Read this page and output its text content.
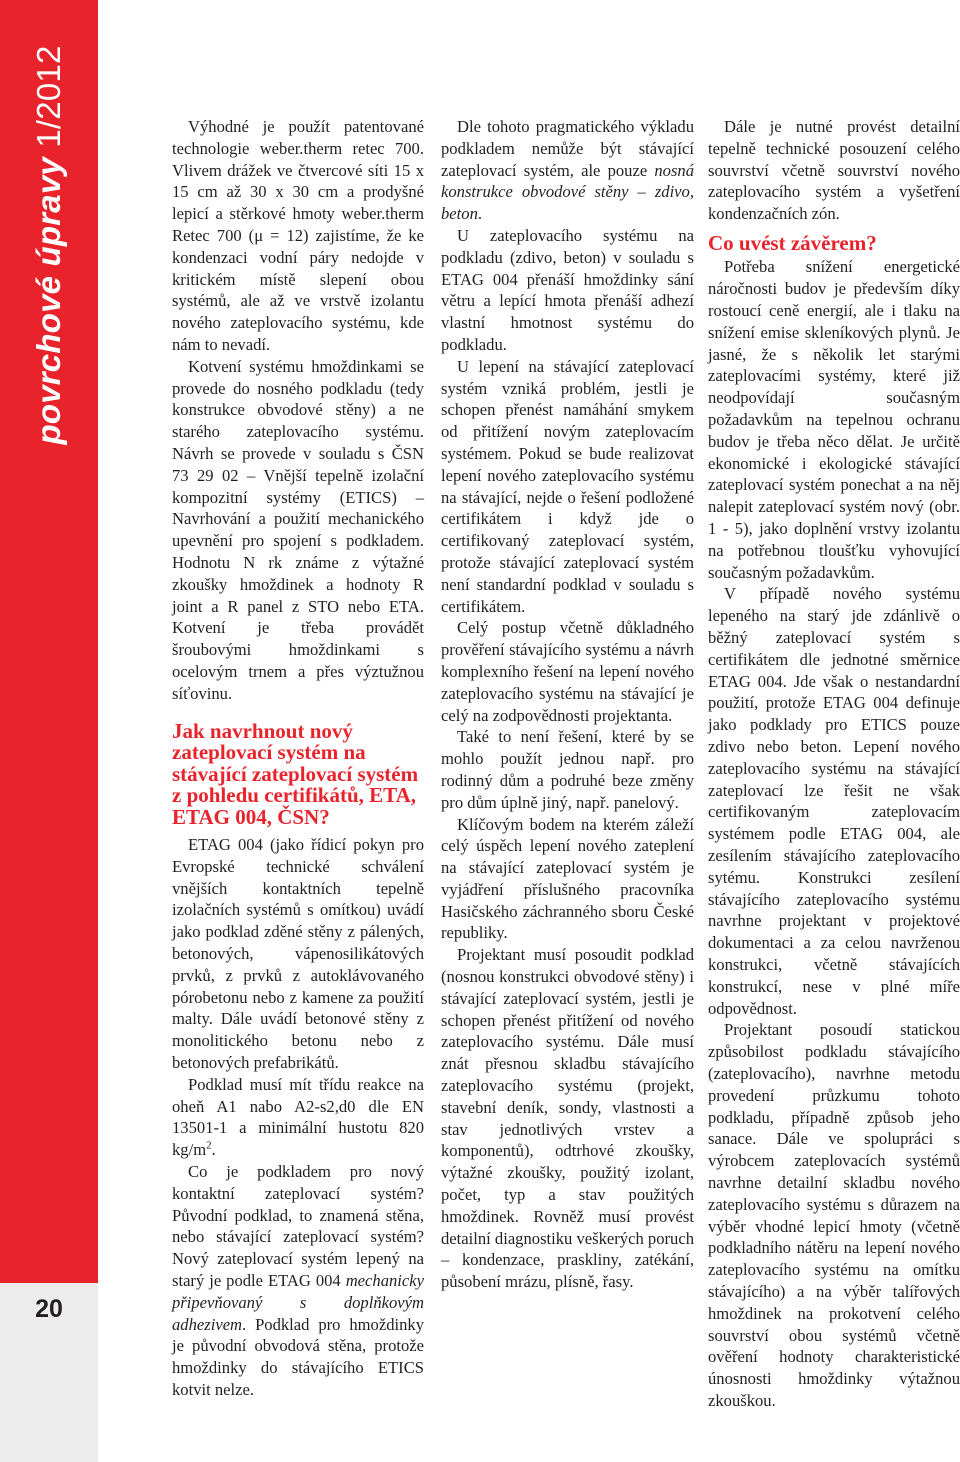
povrchové úpravy 1/2012
20

Výhodné je použít patentované technologie weber.therm retec 700. Vlivem drážek ve čtvercové síti 15 x 15 cm až 30 x 30 cm a prodyšné lepicí a stěrkové hmoty weber.therm Retec 700 (μ = 12) zajistíme, že ke kondenzaci vodní páry nedojde v kritickém místě slepení obou systémů, ale až ve vrstvě izolantu nového zateplovacího systému, kde nám to nevadí.

Kotvení systému hmoždinkami se provede do nosného podkladu (tedy konstrukce obvodové stěny) a ne starého zateplovacího systému. Návrh se provede v souladu s ČSN 73 29 02 – Vnější tepelně izolační kompozitní systémy (ETICS) – Navrhování a použití mechanického upevnění pro spojení s podkladem. Hodnotu N rk známe z výtažné zkoušky hmoždinek a hodnoty R joint a R panel z STO nebo ETA. Kotvení je třeba provádět šroubovými hmoždinkami s ocelovým trnem a přes výztužnou síťovinu.

Jak navrhnout nový zateplovací systém na stávající zateplovací systém z pohledu certifikátů, ETA, ETAG 004, ČSN?

ETAG 004 (jako řídicí pokyn pro Evropské technické schválení vnějších kontaktních tepelně izolačních systémů s omítkou) uvádí jako podklad zděné stěny z pálených, betonových, vápenosilikátových prvků, z prvků z autoklávovaného pórobetonu nebo z kamene za použití malty. Dále uvádí betonové stěny z monolitického betonu nebo z betonových prefabrikátů.

Podklad musí mít třídu reakce na oheň A1 nabo A2-s2,d0 dle EN 13501-1 a minimální hustotu 820 $kg/m^2$.

Co je podkladem pro nový kontaktní zateplovací systém? Původní podklad, to znamená stěna, nebo stávající zateplovací systém? Nový zateplovací systém lepený na starý je podle ETAG 004 mechanicky připevňovaný s doplňkovým adhezivem. Podklad pro hmoždinky je původní obvodová stěna, protože hmoždinky do stávajícího ETICS kotvit nelze.

Dle tohoto pragmatického výkladu podkladem nemůže být stávající zateplovací systém, ale pouze nosná konstrukce obvodové stěny – zdivo, beton.

U zateplovacího systému na podkladu (zdivo, beton) v souladu s ETAG 004 přenáší hmoždinky sání větru a lepící hmota přenáší adhezí vlastní hmotnost systému do podkladu.

U lepení na stávající zateplovací systém vzniká problém, jestli je schopen přenést namáhání smykem od přitížení novým zateplovacím systémem. Pokud se bude realizovat lepení nového zateplovacího systému na stávající, nejde o řešení podložené certifikátem i když jde o certifikovaný zateplovací systém, protože stávající zateplovací systém není standardní podklad v souladu s certifikátem.

Celý postup včetně důkladného prověření stávajícího systému a návrh komplexního řešení na lepení nového zateplovacího systému na stávající je celý na zodpovědnosti projektanta.

Také to není řešení, které by se mohlo použít jednou např. pro rodinný dům a podruhé beze změny pro dům úplně jiný, např. panelový.

Klíčovým bodem na kterém záleží celý úspěch lepení nového zateplení na stávající zateplovací systém je vyjádření příslušného pracovníka Hasičského záchranného sboru České republiky.

Projektant musí posoudit podklad (nosnou konstrukci obvodové stěny) i stávající zateplovací systém, jestli je schopen přenést přitížení od nového zateplovacího systému. Dále musí znát přesnou skladbu stávajícího zateplovacího systému (projekt, stavební deník, sondy, vlastnosti a stav jednotlivých vrstev a komponentů), odtrhové zkoušky, výtažné zkoušky, použitý izolant, počet, typ a stav použitých hmoždinek. Rovněž musí provést detailní diagnostiku veškerých poruch – kondenzace, praskliny, zatékání, působení mrázu, plísně, řasy.

Dále je nutné provést detailní tepelně technické posouzení celého souvrství včetně souvrství nového zateplovacího systém a vyšetření kondenzačních zón.

Co uvést závěrem?

Potřeba snížení energetické náročnosti budov je především díky rostoucí ceně energií, ale i tlaku na snížení emise skleníkových plynů. Je jasné, že s několik let starými zateplovacími systémy, které již neodpovídají současným požadavkům na tepelnou ochranu budov je třeba něco dělat. Je určitě ekonomické i ekologické stávající zateplovací systém ponechat a na něj nalepit zateplovací systém nový (obr. 1 - 5), jako doplnění vrstvy izolantu na potřebnou tloušťku vyhovující současným požadavkům.

V případě nového systému lepeného na starý jde zdánlivě o běžný zateplovací systém s certifikátem dle jednotné směrnice ETAG 004. Jde však o nestandardní použití, protože ETAG 004 definuje jako podklady pro ETICS pouze zdivo nebo beton. Lepení nového zateplovacího systému na stávající zateplovací lze řešit ne však certifikovaným zateplovacím systémem podle ETAG 004, ale zesílením stávajícího zateplovacího sytému. Konstrukci zesílení stávajícího zateplovacího systému navrhne projektant v projektové dokumentaci a za celou navrženou konstrukci, včetně stávajících konstrukcí, nese v plné míře odpovědnost.

Projektant posoudí statickou způsobilost podkladu stávajícího (zateplovacího), navrhne metodu provedení průzkumu tohoto podkladu, případně způsob jeho sanace. Dále ve spolupráci s výrobcem zateplovacích systémů navrhne detailní skladbu nového zateplovacího systému s důrazem na výběr vhodné lepicí hmoty (včetně podkladního nátěru na lepení nového zateplovacího systému na omítku stávajícího) a na výběr talířových hmoždinek na prokotvení celého souvrství obou systémů včetně ověření hodnoty charakteristické únosnosti hmoždinky výtažnou zkouškou.
